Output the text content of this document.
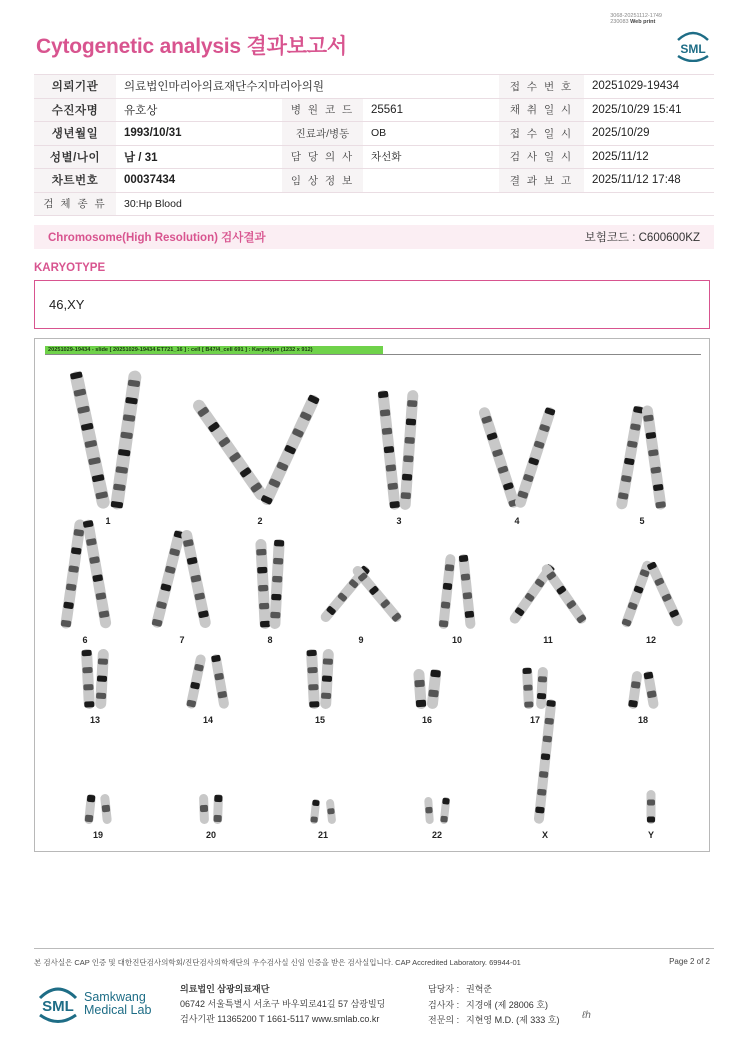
3068-20251112-1749
230083 Web print
Cytogenetic analysis 결과보고서	SML
의뢰기관	의료법인마리아의료재단수지마리아의원			접 수 번 호	20251029-19434
수진자명	유호상	병 원 코 드	25561	채 취 일 시	2025/10/29 15:41
생년월일	1993/10/31	진료과/병동	OB	접 수 일 시	2025/10/29
성별/나이	남 / 31	담 당 의 사	차선화	검 사 일 시	2025/11/12
차트번호	00037434	임 상 정 보		결 과 보 고	2025/11/12 17:48
검 체 종 류	30:Hp Blood				
Chromosome(High Resolution) 검사결과	보험코드 : C600600KZ
KARYOTYPE
46,XY
20251029-19434 - slide [ 20251029-19434 ET721_16 ] : cell [ B47/4_cell 691 ] : Karyotype (1232 x 912)
1	2	3	4	5
6	7	8	9	10	11	12
13	14	15	16	17	18
19	20	21	22	X	Y
본 검사실은 CAP 인증 및 대한진단검사의학회/진단검사의학재단의 우수검사실 신임 인증을 받은 검사실입니다. CAP Accredited Laboratory. 69944-01	Page 2 of 2
SML
Samkwang
Medical Lab
의료법인 삼광의료재단
06742 서울특별시 서초구 바우뫼로41길 57 삼광빌딩
검사기관 11365200 T 1661-5117 www.smlab.co.kr
담당자 : 권혁준
검사자 : 지경애 (제 28006 호)
전문의 : 지현영 M.D. (제 333 호) ℓh
